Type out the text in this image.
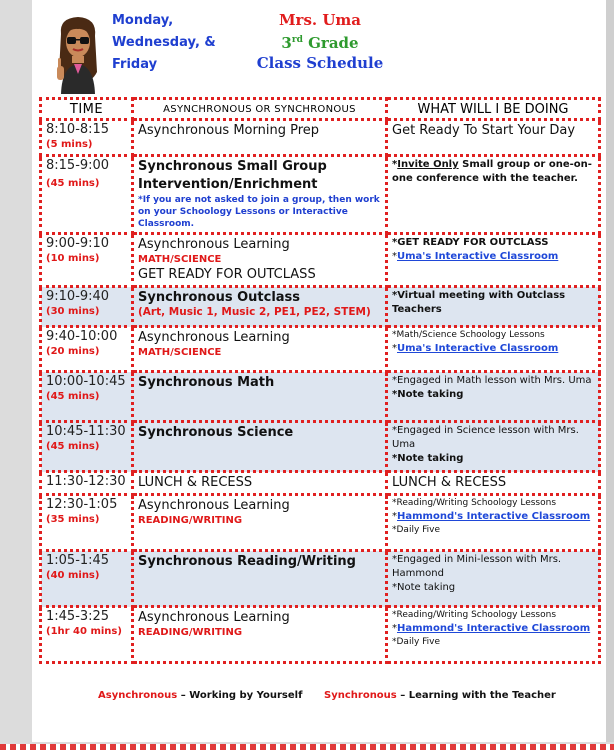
Monday,
Wednesday, &
Friday
Mrs. Uma
3rd Grade
Class Schedule
TIME	ASYNCHRONOUS OR SYNCHRONOUS	WHAT WILL I BE DOING

8:10-8:15
(5 mins)	Asynchronous Morning Prep	Get Ready To Start Your Day

8:15-9:00
(45 mins)	Synchronous Small Group Intervention/Enrichment
*If you are not asked to join a group, then work on your Schoology Lessons or Interactive Classroom.	*Invite Only Small group or one-on-one conference with the teacher.

9:00-9:10
(10 mins)	Asynchronous Learning
MATH/SCIENCE
GET READY FOR OUTCLASS	*GET READY FOR OUTCLASS
*Uma's Interactive Classroom

9:10-9:40
(30 mins)	Synchronous Outclass
(Art, Music 1, Music 2, PE1, PE2, STEM)	*Virtual meeting with Outclass Teachers

9:40-10:00
(20 mins)	Asynchronous Learning
MATH/SCIENCE	*Math/Science Schoology Lessons
*Uma's Interactive Classroom

10:00-10:45
(45 mins)	Synchronous Math	*Engaged in Math lesson with Mrs. Uma
*Note taking

10:45-11:30
(45 mins)	Synchronous Science	*Engaged in Science lesson with Mrs. Uma
*Note taking

11:30-12:30	LUNCH & RECESS	LUNCH & RECESS

12:30-1:05
(35 mins)	Asynchronous Learning
READING/WRITING	*Reading/Writing Schoology Lessons
*Hammond's Interactive Classroom
*Daily Five

1:05-1:45
(40 mins)	Synchronous Reading/Writing	*Engaged in Mini-lesson with Mrs. Hammond
*Note taking

1:45-3:25
(1hr 40 mins)	Asynchronous Learning
READING/WRITING	*Reading/Writing Schoology Lessons
*Hammond's Interactive Classroom
*Daily Five
Asynchronous – Working by Yourself Synchronous – Learning with the Teacher
